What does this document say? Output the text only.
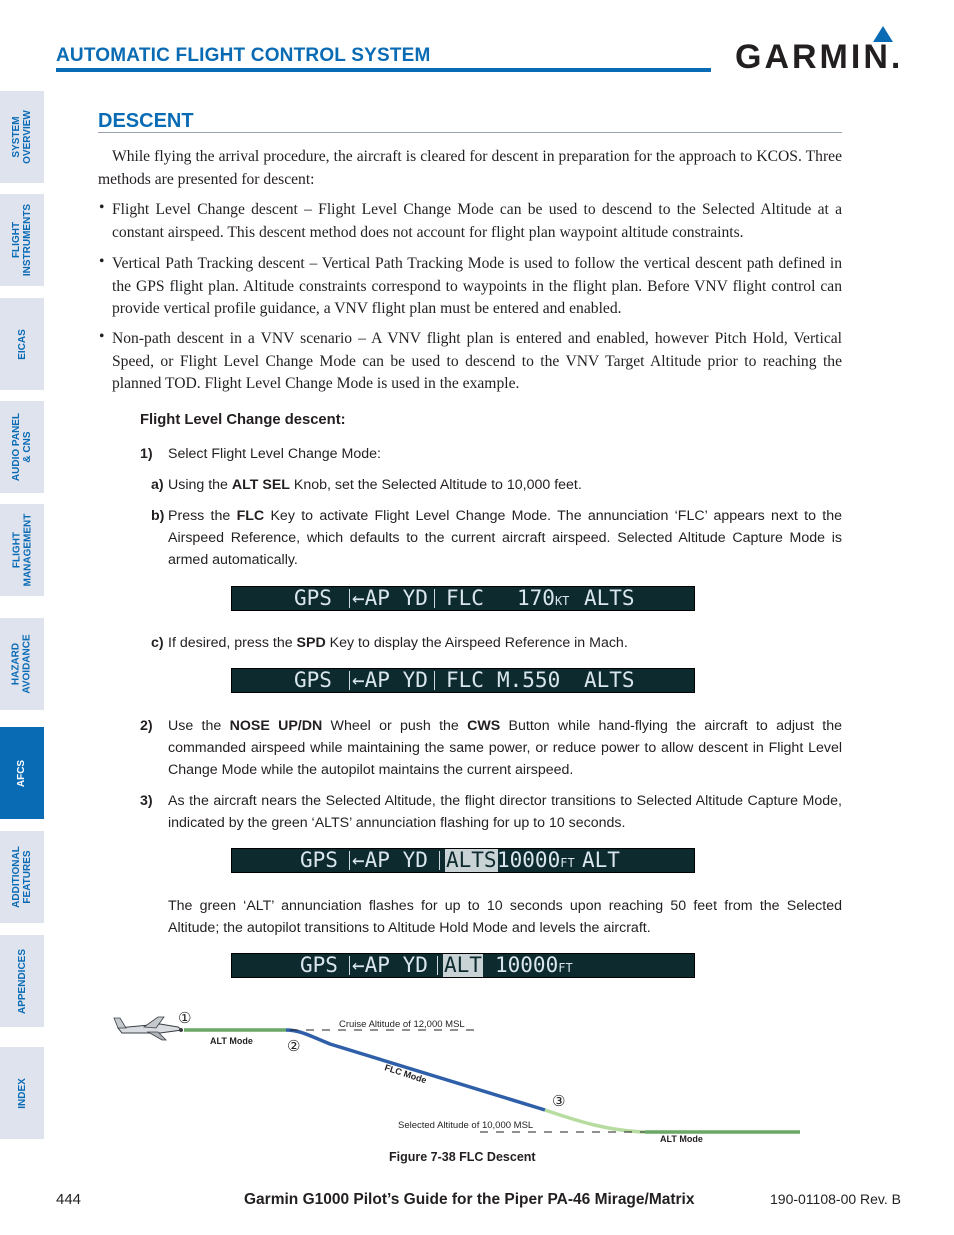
AUTOMATIC FLIGHT CONTROL SYSTEM	GARMIN.
SYSTEM
OVERVIEW
FLIGHT
INSTRUMENTS
EICAS
AUDIO PANEL
& CNS
FLIGHT
MANAGEMENT
HAZARD
AVOIDANCE
AFCS
ADDITIONAL
FEATURES
APPENDICES
INDEX
DESCENT
While flying the arrival procedure, the aircraft is cleared for descent in preparation for the approach to KCOS. Three methods are presented for descent:
• Flight Level Change descent – Flight Level Change Mode can be used to descend to the Selected Altitude at a constant airspeed. This descent method does not account for flight plan waypoint altitude constraints.
• Vertical Path Tracking descent – Vertical Path Tracking Mode is used to follow the vertical descent path defined in the GPS flight plan. Altitude constraints correspond to waypoints in the flight plan. Before VNV flight control can provide vertical profile guidance, a VNV flight plan must be entered and enabled.
• Non-path descent in a VNV scenario – A VNV flight plan is entered and enabled, however Pitch Hold, Vertical Speed, or Flight Level Change Mode can be used to descend to the VNV Target Altitude prior to reaching the planned TOD. Flight Level Change Mode is used in the example.
Flight Level Change descent:
1) Select Flight Level Change Mode:
a) Using the ALT SEL Knob, set the Selected Altitude to 10,000 feet.
b) Press the FLC Key to activate Flight Level Change Mode. The annunciation ‘FLC’ appears next to the Airspeed Reference, which defaults to the current aircraft airspeed. Selected Altitude Capture Mode is armed automatically.
GPS ←AP YD FLC 170KT ALTS
c) If desired, press the SPD Key to display the Airspeed Reference in Mach.
GPS ←AP YD FLC M.550 ALTS
2) Use the NOSE UP/DN Wheel or push the CWS Button while hand-flying the aircraft to adjust the commanded airspeed while maintaining the same power, or reduce power to allow descent in Flight Level Change Mode while the autopilot maintains the current airspeed.
3) As the aircraft nears the Selected Altitude, the flight director transitions to Selected Altitude Capture Mode, indicated by the green ‘ALTS’ annunciation flashing for up to 10 seconds.
GPS ←AP YD ALTS 10000FT ALT
The green ‘ALT’ annunciation flashes for up to 10 seconds upon reaching 50 feet from the Selected Altitude; the autopilot transitions to Altitude Hold Mode and levels the aircraft.
GPS ←AP YD ALT 10000FT
Cruise Altitude of 12,000 MSL
Selected Altitude of 10,000 MSL
ALT Mode
FLC Mode
ALT Mode
①
②
③
Figure 7-38 FLC Descent
444	Garmin G1000 Pilot’s Guide for the Piper PA-46 Mirage/Matrix	190-01108-00 Rev. B
